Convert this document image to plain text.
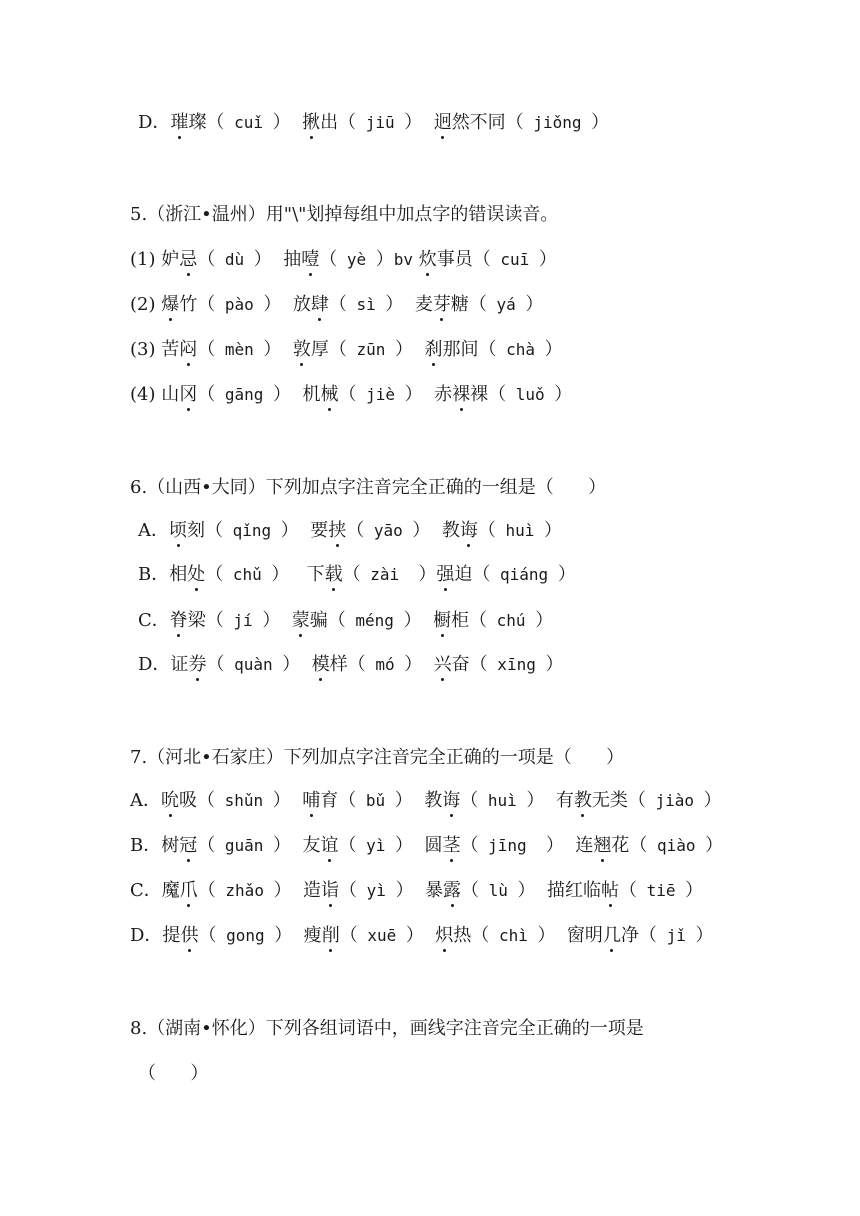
D．璀璨（ cuǐ ）  揪出（ jiū ）  迥然不同（ jiǒng ）
5.（浙江•温州）用"\"划掉每组中加点字的错误读音。
(1) 妒忌（ dù ）  抽噎（ yè ）bv 炊事员（ cuī ）
(2) 爆竹（ pào ）  放肆（ sì ）  麦芽糖（ yá ）
(3) 苦闷（ mèn ）  敦厚（ zūn ）  刹那间（ chà ）
(4) 山冈（ gāng ）  机械（ jiè ）  赤裸裸（ luǒ ）
6.（山西•大同）下列加点字注音完全正确的一组是（      ）
A．顷刻（ qǐng ）  要挟（ yāo ）  教诲（ huì ）
B．相处（ chǔ ）   下载（ zài  ）强迫（ qiáng ）
C．脊梁（ jí ）  蒙骗（ méng ）  橱柜（ chú ）
D．证券（ quàn ）  模样（ mó ）  兴奋（ xīng ）
7.（河北•石家庄）下列加点字注音完全正确的一项是（      ）
A．吮吸（ shǔn ）  哺育（ bǔ ）  教诲（ huì ）  有教无类（ jiào ）
B．树冠（ guān ）  友谊（ yì ）  圆茎（ jīng  ）  连翘花（ qiào ）
C．魔爪（ zhǎo ）  造诣（ yì ）  暴露（ lù ）  描红临帖（ tiē ）
D．提供（ gong ）  瘦削（ xuē ）  炽热（ chì ）  窗明几净（ jǐ ）
8.（湖南•怀化）下列各组词语中，画线字注音完全正确的一项是
（      ）
